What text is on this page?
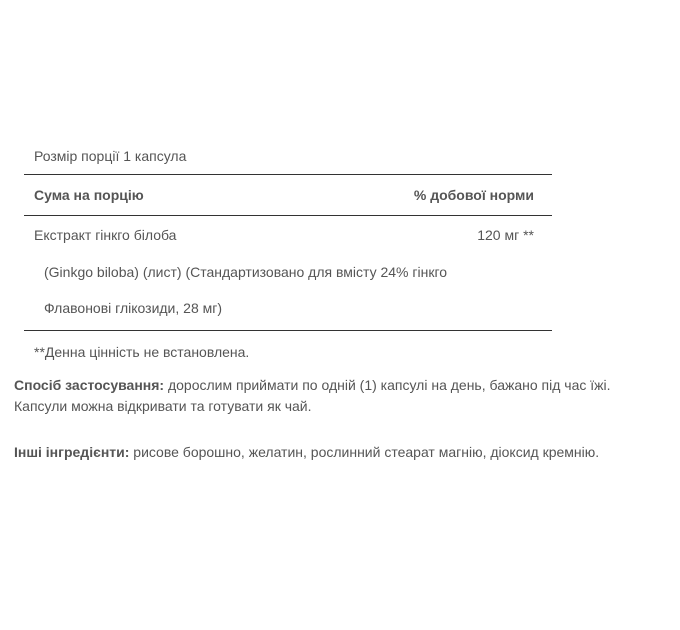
Розмір порції 1 капсула
Сума на порцію	% добової норми
Екстракт гінкго білоба	120 мг **
(Ginkgo biloba) (лист) (Стандартизовано для вмісту 24% гінкго
Флавонові глікозиди, 28 мг)
**Денна цінність не встановлена.
Спосіб застосування: дорослим приймати по одній (1) капсулі на день, бажано під час їжі. Капсули можна відкривати та готувати як чай.
Інші інгредієнти: рисове борошно, желатин, рослинний стеарат магнію, діоксид кремнію.
